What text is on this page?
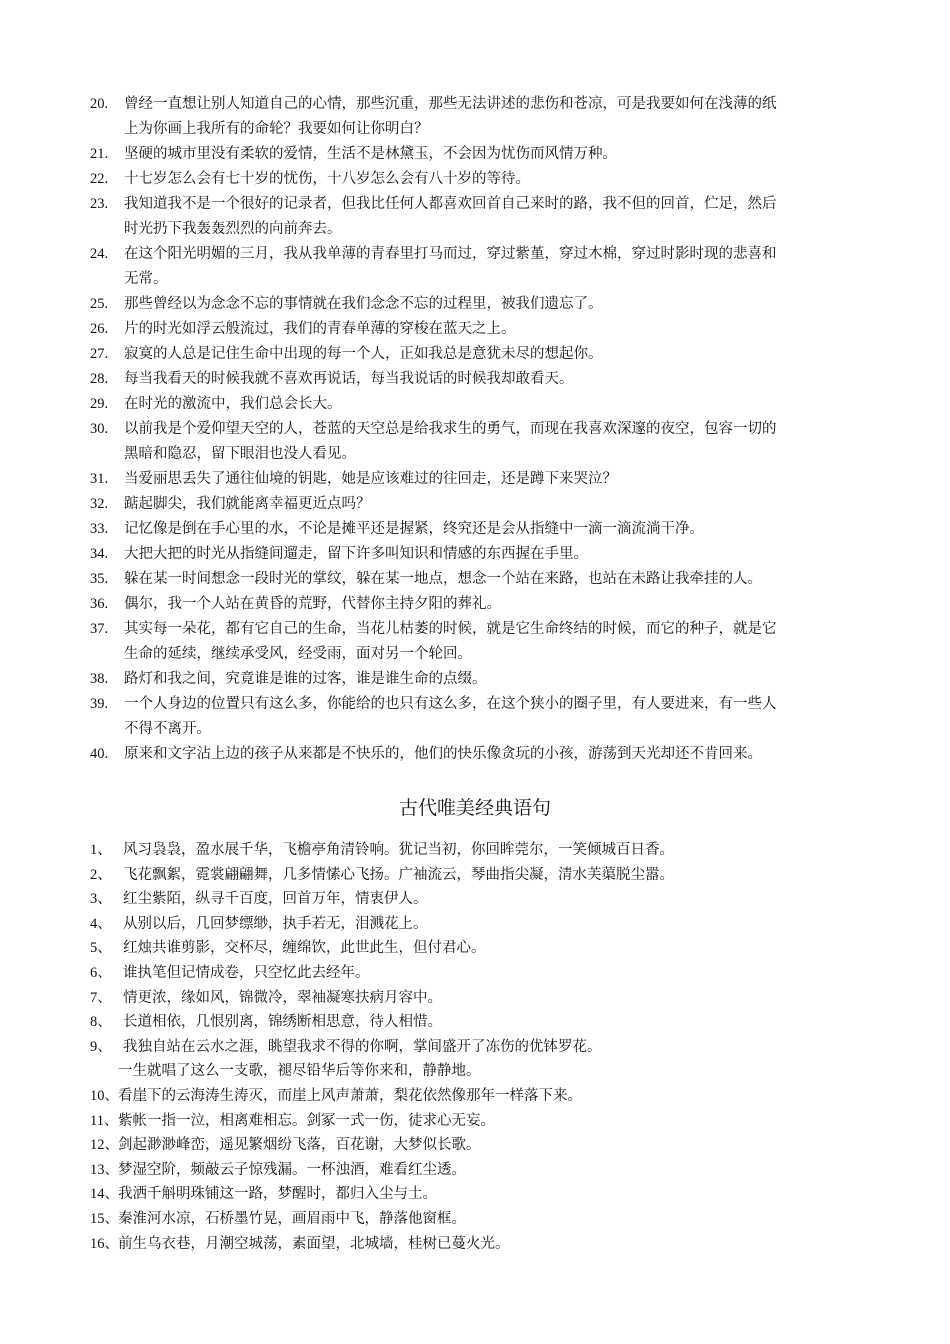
20.	曾经一直想让别人知道自己的心情，那些沉重，那些无法讲述的悲伤和苍凉，可是我要如何在浅薄的纸
上为你画上我所有的命轮？我要如何让你明白？
21.	坚硬的城市里没有柔软的爱情，生活不是林黛玉，不会因为忧伤而风情万种。
22.	十七岁怎么会有七十岁的忧伤，十八岁怎么会有八十岁的等待。
23.	我知道我不是一个很好的记录者，但我比任何人都喜欢回首自己来时的路，我不但的回首，伫足，然后
时光扔下我轰轰烈烈的向前奔去。
24.	在这个阳光明媚的三月，我从我单薄的青春里打马而过，穿过紫堇，穿过木棉，穿过时影时现的悲喜和
无常。
25.	那些曾经以为念念不忘的事情就在我们念念不忘的过程里，被我们遗忘了。
26.	片的时光如浮云般流过，我们的青春单薄的穿梭在蓝天之上。
27.	寂寞的人总是记住生命中出现的每一个人，正如我总是意犹未尽的想起你。
28.	每当我看天的时候我就不喜欢再说话，每当我说话的时候我却敢看天。
29.	在时光的激流中，我们总会长大。
30.	以前我是个爱仰望天空的人，苍蓝的天空总是给我求生的勇气，而现在我喜欢深邃的夜空，包容一切的
黑暗和隐忍，留下眼泪也没人看见。
31.	当爱丽思丢失了通往仙境的钥匙，她是应该难过的往回走，还是蹲下来哭泣？
32.	踮起脚尖，我们就能离幸福更近点吗？
33.	记忆像是倒在手心里的水，不论是摊平还是握紧，终究还是会从指缝中一滴一滴流淌干净。
34.	大把大把的时光从指缝间遛走，留下许多叫知识和情感的东西握在手里。
35.	躲在某一时间想念一段时光的掌纹，躲在某一地点，想念一个站在来路，也站在未路让我牵挂的人。
36.	偶尔，我一个人站在黄昏的荒野，代替你主持夕阳的葬礼。
37.	其实每一朵花，都有它自己的生命，当花儿枯萎的时候，就是它生命终结的时候，而它的种子，就是它
生命的延续，继续承受风，经受雨，面对另一个轮回。
38.	路灯和我之间，究竟谁是谁的过客，谁是谁生命的点缀。
39.	一个人身边的位置只有这么多，你能给的也只有这么多，在这个狭小的圈子里，有人要进来，有一些人
不得不离开。
40.	原来和文字沾上边的孩子从来都是不快乐的，他们的快乐像贪玩的小孩，游荡到天光却还不肯回来。
古代唯美经典语句
1、 风习袅袅，盈水展千华，飞檐亭角清铃响。犹记当初，你回眸莞尔，一笑倾城百日香。
2、 飞花飘絮，霓裳翩翩舞，几多情愫心飞扬。广袖流云，琴曲指尖凝，清水芙蕖脱尘嚣。
3、 红尘紫陌，纵寻千百度，回首万年，情衷伊人。
4、 从别以后，几回梦缥缈，执手若无，泪溅花上。
5、 红烛共谁剪影，交杯尽，缠绵饮，此世此生，但付君心。
6、 谁执笔但记情成卷，只空忆此去经年。
7、 情更浓，缘如风，锦微冷，翠袖凝寒扶病月容中。
8、 长道相依，几恨别离，锦绣断相思意，待人相惜。
9、 我独自站在云水之涯，眺望我求不得的你啊，掌间盛开了冻伤的优钵罗花。
一生就唱了这么一支歌，褪尽铅华后等你来和，静静地。
10、 看崖下的云海涛生涛灭，而崖上风声萧萧，梨花依然像那年一样落下来。
11、 紫帐一指一泣，相离难相忘。剑冢一式一伤，徒求心无妄。
12、 剑起渺渺峰峦，遥见繁烟纷飞落，百花谢，大梦似长歌。
13、 梦湿空阶，频敲云子惊残漏。一杯浊酒，难看红尘透。
14、 我洒千斛明珠铺这一路，梦醒时，都归入尘与土。
15、 秦淮河水凉，石桥墨竹晃，画眉雨中飞，静落他窗框。
16、 前生乌衣巷，月潮空城荡，素面望，北城墙，桂树已蔓火光。
